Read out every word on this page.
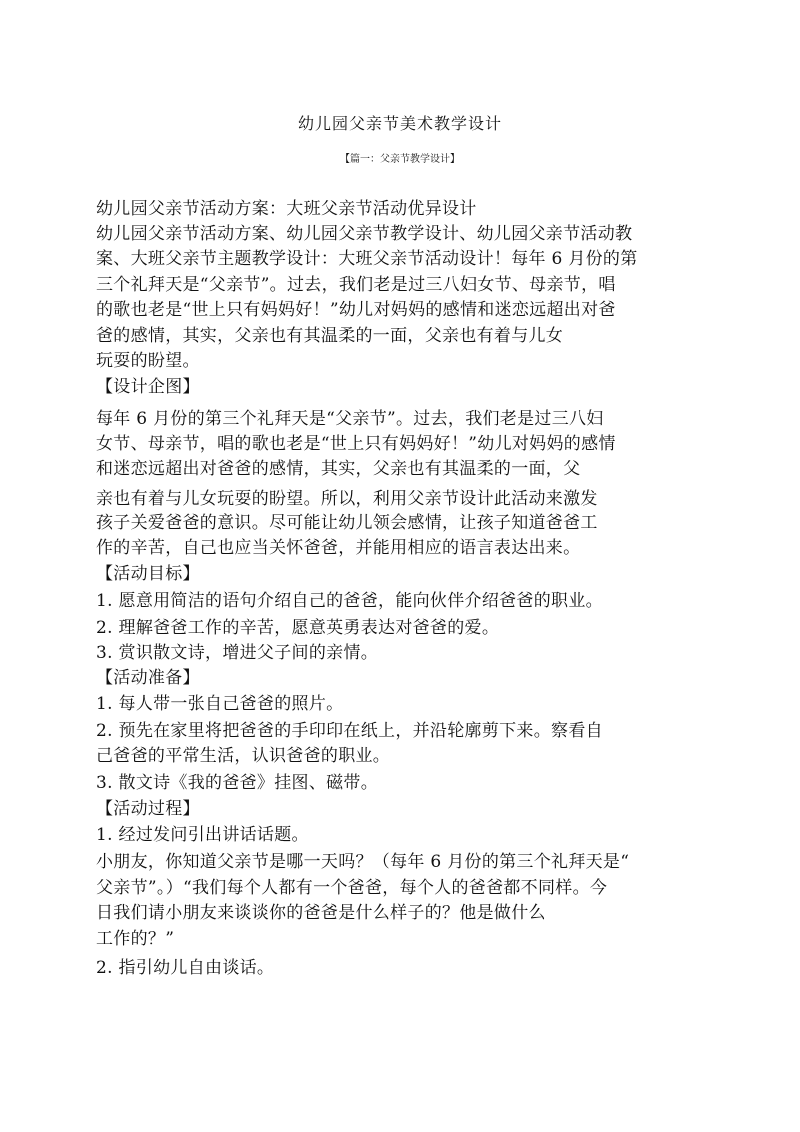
幼儿园父亲节美术教学设计
【篇一：父亲节教学设计】
幼儿园父亲节活动方案：大班父亲节活动优异设计
幼儿园父亲节活动方案、幼儿园父亲节教学设计、幼儿园父亲节活动教
案、大班父亲节主题教学设计：大班父亲节活动设计！每年 6 月份的第
三个礼拜天是“父亲节”。过去，我们老是过三八妇女节、母亲节，唱
的歌也老是“世上只有妈妈好！”幼儿对妈妈的感情和迷恋远超出对爸
爸的感情，其实，父亲也有其温柔的一面，父亲也有着与儿女
玩耍的盼望。
【设计企图】
每年 6 月份的第三个礼拜天是“父亲节”。过去，我们老是过三八妇
女节、母亲节，唱的歌也老是“世上只有妈妈好！”幼儿对妈妈的感情
和迷恋远超出对爸爸的感情，其实，父亲也有其温柔的一面，父
亲也有着与儿女玩耍的盼望。所以，利用父亲节设计此活动来激发
孩子关爱爸爸的意识。尽可能让幼儿领会感情，让孩子知道爸爸工
作的辛苦，自己也应当关怀爸爸，并能用相应的语言表达出来。
【活动目标】
1. 愿意用简洁的语句介绍自己的爸爸，能向伙伴介绍爸爸的职业。
2. 理解爸爸工作的辛苦，愿意英勇表达对爸爸的爱。
3. 赏识散文诗，增进父子间的亲情。
【活动准备】
1. 每人带一张自己爸爸的照片。
2. 预先在家里将把爸爸的手印印在纸上，并沿轮廓剪下来。察看自
己爸爸的平常生活，认识爸爸的职业。
3. 散文诗《我的爸爸》挂图、磁带。
【活动过程】
1. 经过发问引出讲话话题。
小朋友，你知道父亲节是哪一天吗？（每年 6 月份的第三个礼拜天是“
父亲节”。）“我们每个人都有一个爸爸，每个人的爸爸都不同样。今
日我们请小朋友来谈谈你的爸爸是什么样子的？他是做什么
工作的？”
2. 指引幼儿自由谈话。
